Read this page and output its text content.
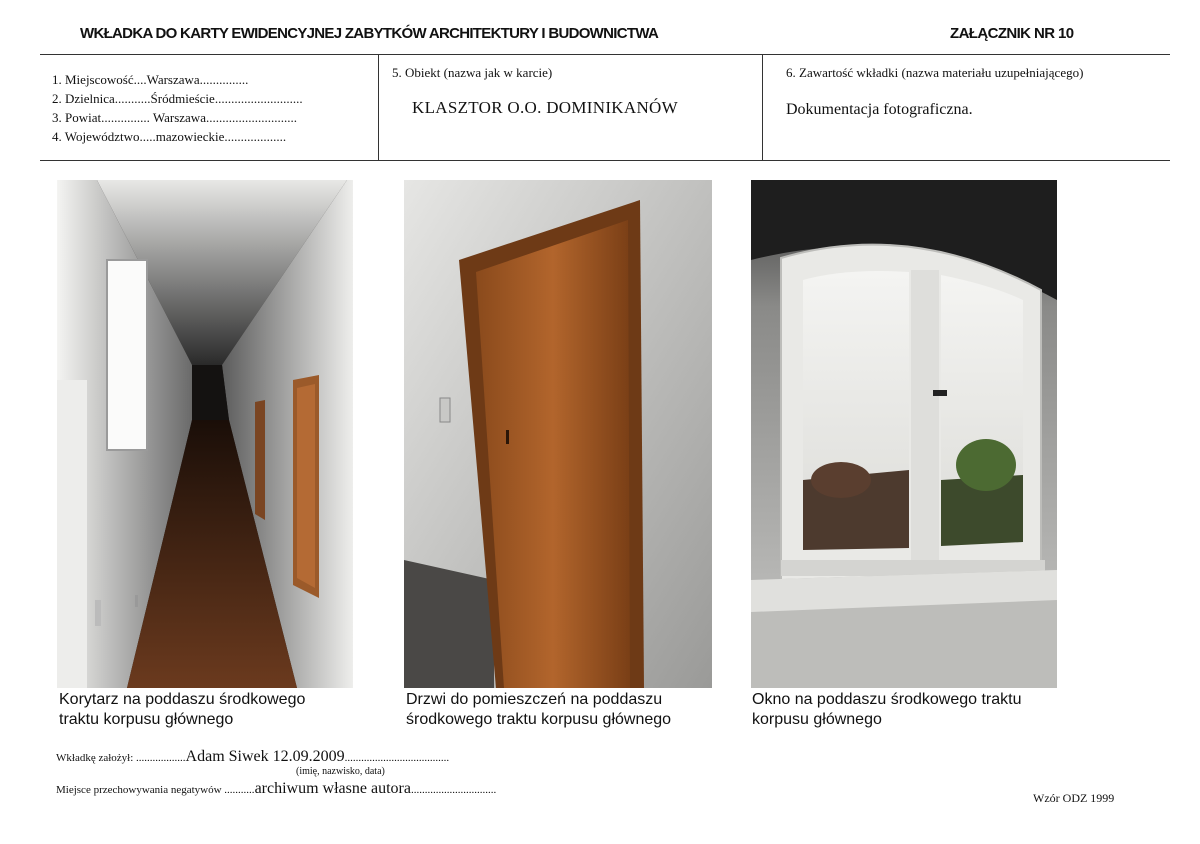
WKŁADKA DO KARTY EWIDENCYJNEJ ZABYTKÓW ARCHITEKTURY I BUDOWNICTWA	ZAŁĄCZNIK NR 10
1. Miejscowość....Warszawa...............
2. Dzielnica...........Śródmieście...........................
3. Powiat............... Warszawa............................
4. Województwo.....mazowieckie...................
5. Obiekt (nazwa jak w karcie)
KLASZTOR O.O. DOMINIKANÓW
6. Zawartość wkładki (nazwa materiału uzupełniającego)
Dokumentacja fotograficzna.
Korytarz na poddaszu środkowego
traktu korpusu głównego
Drzwi do pomieszczeń na poddaszu
środkowego traktu korpusu głównego
Okno na poddaszu środkowego traktu
korpusu głównego
Wkładkę założył: ..................Adam Siwek 12.09.2009......................................
(imię, nazwisko, data)
Miejsce przechowywania negatywów ...........archiwum własne autora...............................
Wzór ODZ 1999
